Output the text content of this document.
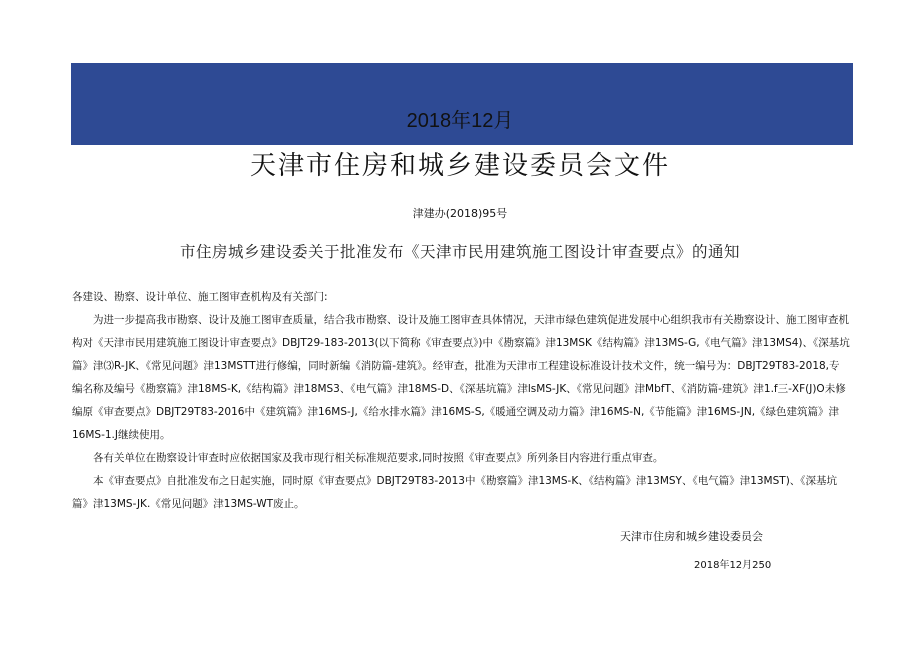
2018年12月
天津市住房和城乡建设委员会文件
津建办(2018)95号
市住房城乡建设委关于批准发布《天津市民用建筑施工图设计审查要点》的通知

各建设、勘察、设计单位、施工图审查机构及有关部门:

为进一步提高我市勘察、设计及施工图审查质量，结合我市勘察、设计及施工图审查具体情况，天津市绿色建筑促进发展中心组织我市有关勘察设计、施工图审查机构对《天津市民用建筑施工图设计审查要点》DBJT29-183-2013(以下简称《审查要点》)中《勘察篇》津13MSK《结构篇》津13MS-G,《电气篇》津13MS4)、《深基坑篇》津⑶R-JK、《常见问题》津13MSTT进行修编，同时新编《消防篇-建筑》。经审查，批准为天津市工程建设标准设计技术文件，统一编号为：DBJT29T83-2018,专编名称及编号《勘察篇》津18MS-K,《结构篇》津18MS3、《电气篇》津18MS-D、《深基坑篇》津lsMS-JK、《常见问题》津MbfT、《消防篇-建筑》津1.f三-XF(J)O未修编原《审查要点》DBJT29T83-2016中《建筑篇》津16MS-J,《给水排水篇》津16MS-S,《暖通空调及动力篇》津16MS-N,《节能篇》津16MS-JN,《绿色建筑篇》津16MS-1.J继续使用。

各有关单位在勘察设计审查时应依据国家及我市现行相关标准规范要求,同时按照《审查要点》所列条目内容进行重点审查。

本《审查要点》自批准发布之日起实施，同时原《审查要点》DBJT29T83-2013中《勘察篇》津13MS-K、《结构篇》津13MSY、《电气篇》津13MST)、《深基坑篇》津13MS-JK.《常见问题》津13MS-WT废止。

天津市住房和城乡建设委员会
2018年12月250
